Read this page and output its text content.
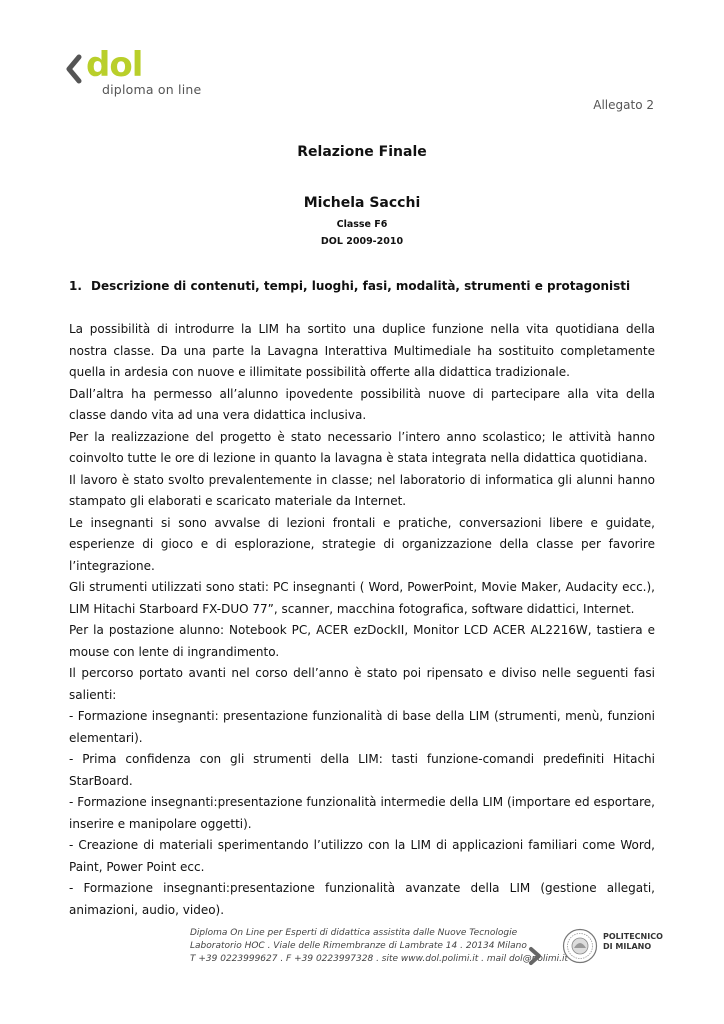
dol
diploma on line
Allegato 2
Relazione Finale
Michela Sacchi
Classe F6
DOL 2009-2010
1. Descrizione di contenuti, tempi, luoghi, fasi, modalità, strumenti e protagonisti

La possibilità di introdurre la LIM ha sortito una duplice funzione nella vita quotidiana della nostra classe. Da una parte la Lavagna Interattiva Multimediale ha sostituito completamente quella in ardesia con nuove e illimitate possibilità offerte alla didattica tradizionale.

Dall’altra ha permesso all’alunno ipovedente possibilità nuove di partecipare alla vita della classe dando vita ad una vera didattica inclusiva.

Per la realizzazione del progetto è stato necessario l’intero anno scolastico; le attività hanno coinvolto tutte le ore di lezione in quanto la lavagna è stata integrata nella didattica quotidiana.

Il lavoro è stato svolto prevalentemente in classe; nel laboratorio di informatica gli alunni hanno stampato gli elaborati e scaricato materiale da Internet.

Le insegnanti si sono avvalse di lezioni frontali e pratiche, conversazioni libere e guidate, esperienze di gioco e di esplorazione, strategie di organizzazione della classe per favorire l’integrazione.

Gli strumenti utilizzati sono stati: PC insegnanti ( Word, PowerPoint, Movie Maker, Audacity ecc.), LIM Hitachi Starboard FX-DUO 77”, scanner, macchina fotografica, software didattici, Internet.

Per la postazione alunno: Notebook PC, ACER ezDockII, Monitor LCD ACER AL2216W, tastiera e mouse con lente di ingrandimento.

Il percorso portato avanti nel corso dell’anno è stato poi ripensato e diviso nelle seguenti fasi salienti:

- Formazione insegnanti: presentazione funzionalità di base della LIM (strumenti, menù, funzioni elementari).

- Prima confidenza con gli strumenti della LIM: tasti funzione-comandi predefiniti Hitachi StarBoard.

- Formazione insegnanti:presentazione funzionalità intermedie della LIM (importare ed esportare, inserire e manipolare oggetti).

- Creazione di materiali sperimentando l’utilizzo con la LIM di applicazioni familiari come Word, Paint, Power Point ecc.

- Formazione insegnanti:presentazione funzionalità avanzate della LIM (gestione allegati, animazioni, audio, video).

Diploma On Line per Esperti di didattica assistita dalle Nuove Tecnologie
Laboratorio HOC . Viale delle Rimembranze di Lambrate 14 . 20134 Milano
T +39 0223999627 . F +39 0223997328 . site www.dol.polimi.it . mail dol@polimi.it
POLITECNICO
DI MILANO
